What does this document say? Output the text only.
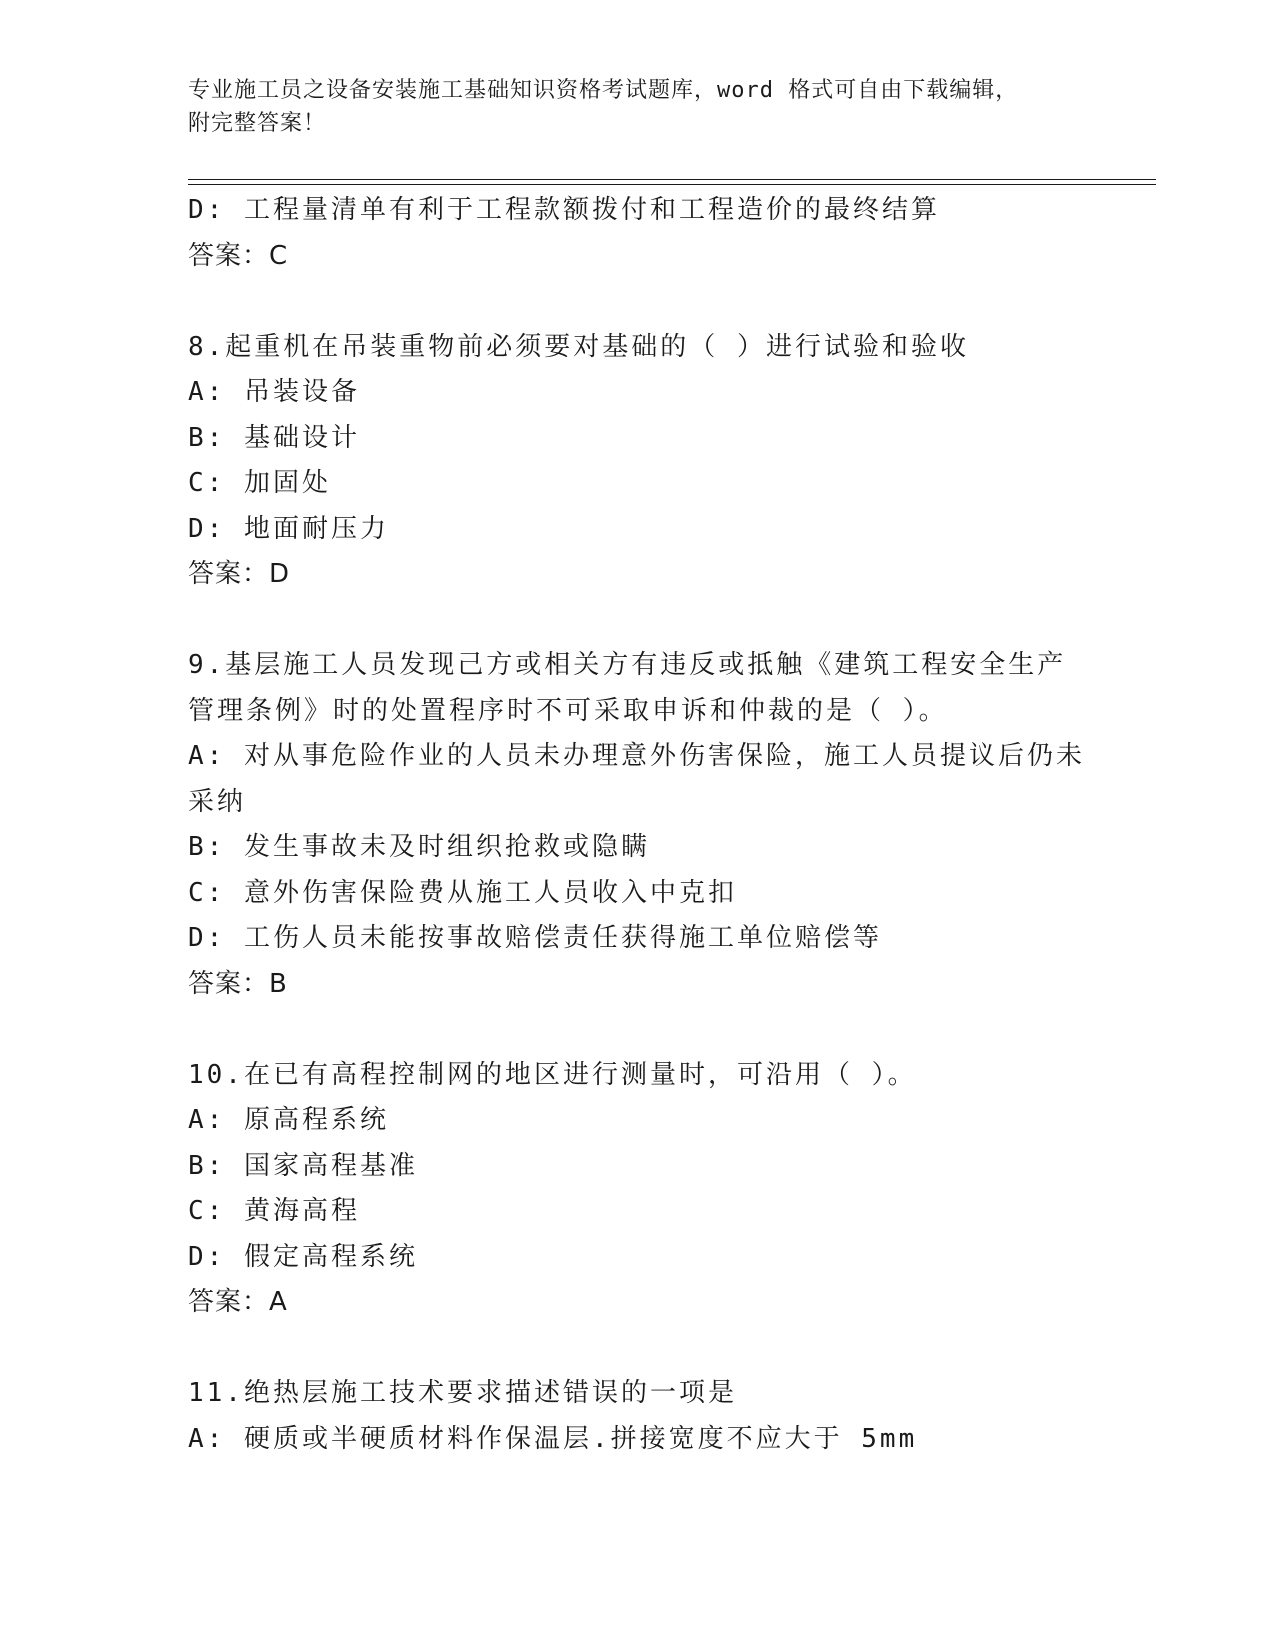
专业施工员之设备安装施工基础知识资格考试题库，word 格式可自由下载编辑，
附完整答案！
D: 工程量清单有利于工程款额拨付和工程造价的最终结算
答案：C
8.起重机在吊装重物前必须要对基础的（ ）进行试验和验收
A: 吊装设备
B: 基础设计
C: 加固处
D: 地面耐压力
答案：D
9.基层施工人员发现己方或相关方有违反或抵触《建筑工程安全生产
管理条例》时的处置程序时不可采取申诉和仲裁的是（ ）。
A: 对从事危险作业的人员未办理意外伤害保险，施工人员提议后仍未
采纳
B: 发生事故未及时组织抢救或隐瞒
C: 意外伤害保险费从施工人员收入中克扣
D: 工伤人员未能按事故赔偿责任获得施工单位赔偿等
答案：B
10.在已有高程控制网的地区进行测量时，可沿用（ ）。
A: 原高程系统
B: 国家高程基准
C: 黄海高程
D: 假定高程系统
答案：A
11.绝热层施工技术要求描述错误的一项是
A: 硬质或半硬质材料作保温层.拼接宽度不应大于 5mm
